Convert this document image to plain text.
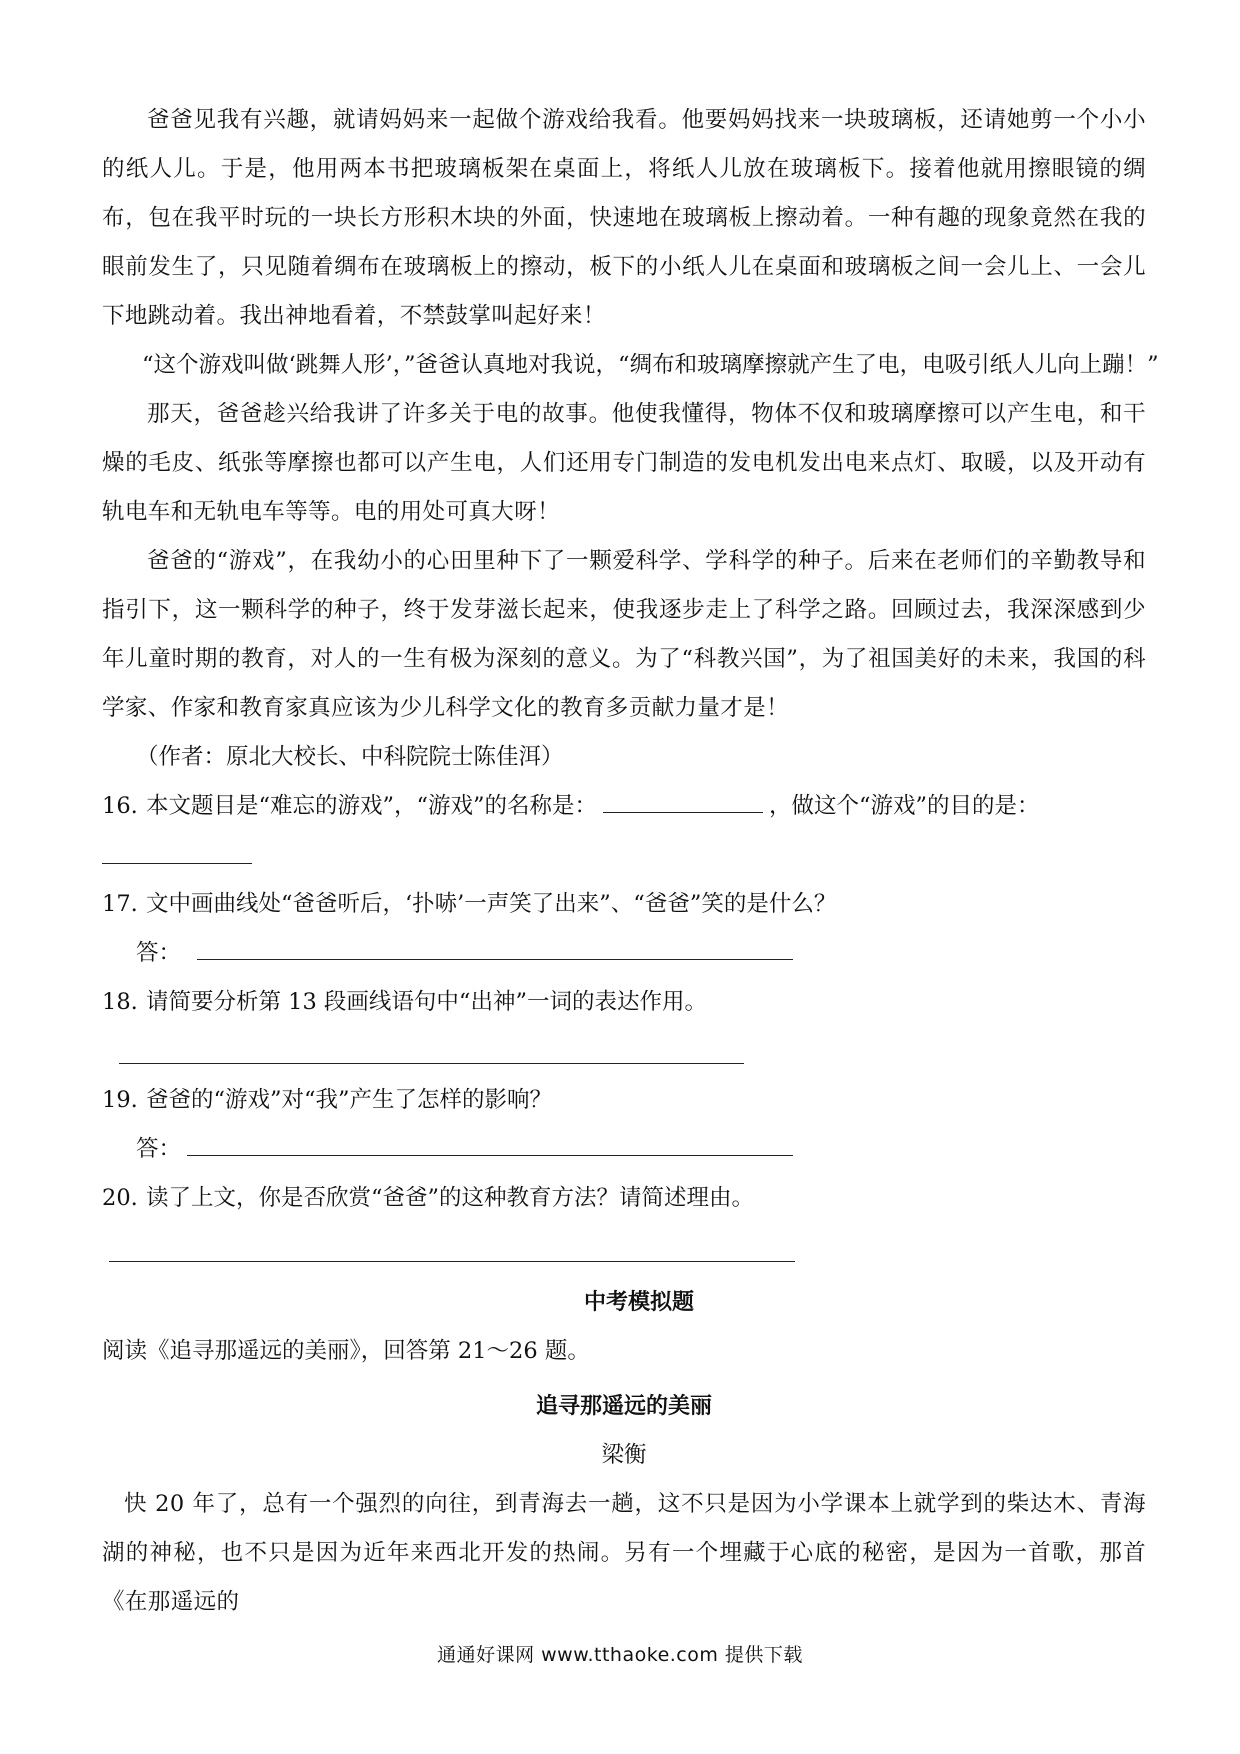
爸爸见我有兴趣，就请妈妈来一起做个游戏给我看。他要妈妈找来一块玻璃板，还请她剪一个小小的纸人儿。于是，他用两本书把玻璃板架在桌面上，将纸人儿放在玻璃板下。接着他就用擦眼镜的绸布，包在我平时玩的一块长方形积木块的外面，快速地在玻璃板上擦动着。一种有趣的现象竟然在我的眼前发生了，只见随着绸布在玻璃板上的擦动，板下的小纸人儿在桌面和玻璃板之间一会儿上、一会儿下地跳动着。我出神地看着，不禁鼓掌叫起好来！

“这个游戏叫做‘跳舞人形’，”爸爸认真地对我说，“绸布和玻璃摩擦就产生了电，电吸引纸人儿向上蹦！”

那天，爸爸趁兴给我讲了许多关于电的故事。他使我懂得，物体不仅和玻璃摩擦可以产生电，和干燥的毛皮、纸张等摩擦也都可以产生电，人们还用专门制造的发电机发出电来点灯、取暖，以及开动有轨电车和无轨电车等等。电的用处可真大呀！

爸爸的“游戏”，在我幼小的心田里种下了一颗爱科学、学科学的种子。后来在老师们的辛勤教导和指引下，这一颗科学的种子，终于发芽滋长起来，使我逐步走上了科学之路。回顾过去，我深深感到少年儿童时期的教育，对人的一生有极为深刻的意义。为了“科教兴国”，为了祖国美好的未来，我国的科学家、作家和教育家真应该为少儿科学文化的教育多贡献力量才是！

（作者：原北大校长、中科院院士陈佳洱）

16. 本文题目是“难忘的游戏”，“游戏”的名称是：	，做这个“游戏”的目的是：
17. 文中画曲线处“爸爸听后，‘扑哧’一声笑了出来”、“爸爸”笑的是什么？
答：
18. 请简要分析第 13 段画线语句中“出神”一词的表达作用。
19. 爸爸的“游戏”对“我”产生了怎样的影响？
答：
20. 读了上文，你是否欣赏“爸爸”的这种教育方法？请简述理由。

中考模拟题

阅读《追寻那遥远的美丽》，回答第 21～26 题。

追寻那遥远的美丽

梁衡

快 20 年了，总有一个强烈的向往，到青海去一趟，这不只是因为小学课本上就学到的柴达木、青海湖的神秘，也不只是因为近年来西北开发的热闹。另有一个埋藏于心底的秘密，是因为一首歌，那首《在那遥远的

通通好课网 www.tthaoke.com 提供下载
